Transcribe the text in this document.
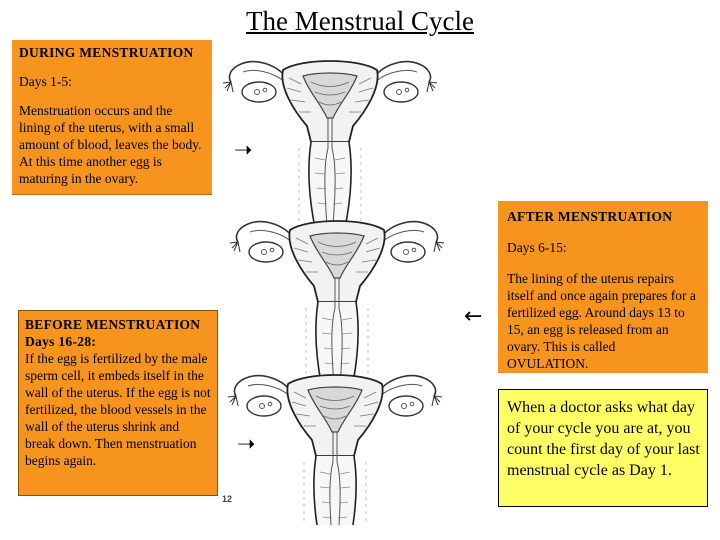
The Menstrual Cycle

DURING MENSTRUATION

Days 1-5:

Menstruation occurs and the lining of the uterus, with a small amount of blood, leaves the body. At this time another egg is maturing in the ovary.

AFTER MENSTRUATION

Days 6-15:

The lining of the uterus repairs itself and once again prepares for a fertilized egg. Around days 13 to 15, an egg is released from an ovary. This is called OVULATION.

BEFORE MENSTRUATION

Days 16-28:

If the egg is fertilized by the male sperm cell, it embeds itself in the wall of the uterus. If the egg is not fertilized, the blood vessels in the wall of the uterus shrink and break down. Then menstruation begins again.

When a doctor asks what day of your cycle you are at, you count the first day of your last menstrual cycle as Day 1.
➝
←
➝
12
